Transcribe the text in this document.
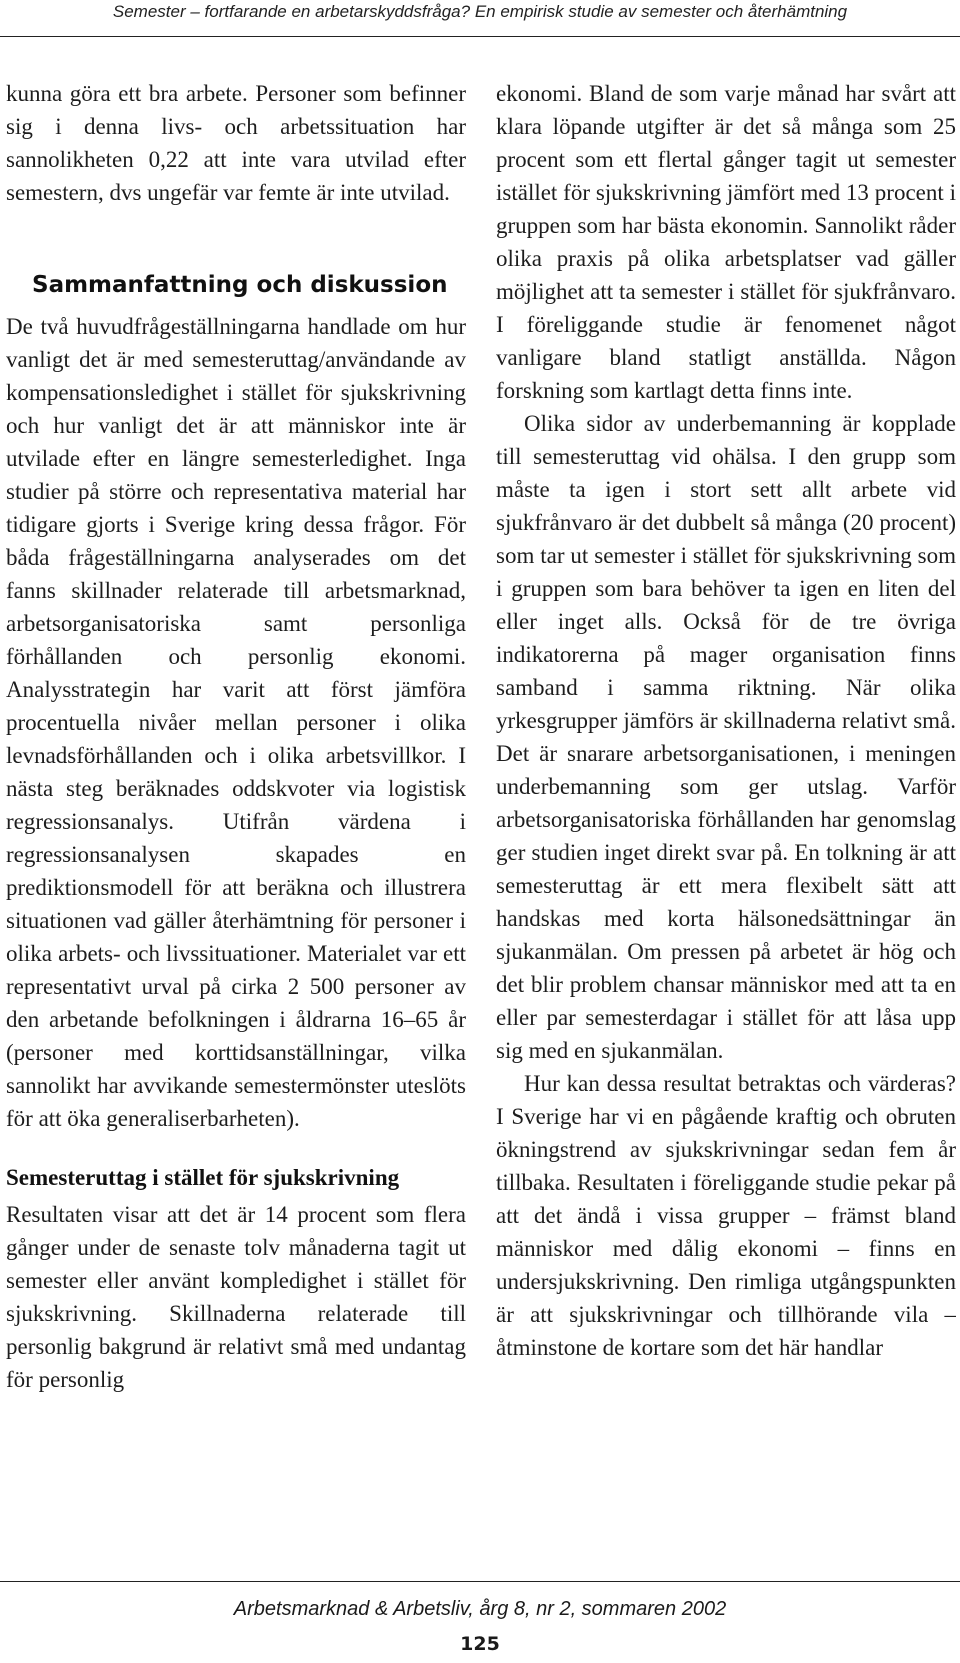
Semester – fortfarande en arbetarskyddsfråga? En empirisk studie av semester och återhämtning

kunna göra ett bra arbete. Personer som befinner sig i denna livs- och arbetssituation har sannolikheten 0,22 att inte vara utvilad efter semestern, dvs ungefär var femte är inte utvilad.

Sammanfattning och diskussion

De två huvudfrågeställningarna handlade om hur vanligt det är med semesteruttag/användande av kompensationsledighet i stället för sjukskrivning och hur vanligt det är att människor inte är utvilade efter en längre semesterledighet. Inga studier på större och representativa material har tidigare gjorts i Sverige kring dessa frågor. För båda frågeställningarna analyserades om det fanns skillnader relaterade till arbetsmarknad, arbetsorganisatoriska samt personliga förhållanden och personlig ekonomi. Analysstrategin har varit att först jämföra procentuella nivåer mellan personer i olika levnadsförhållanden och i olika arbetsvillkor. I nästa steg beräknades oddskvoter via logistisk regressionsanalys. Utifrån värdena i regressionsanalysen skapades en prediktionsmodell för att beräkna och illustrera situationen vad gäller återhämtning för personer i olika arbets- och livssituationer. Materialet var ett representativt urval på cirka 2 500 personer av den arbetande befolkningen i åldrarna 16–65 år (personer med korttidsanställningar, vilka sannolikt har avvikande semestermönster uteslöts för att öka generaliserbarheten).

Semesteruttag i stället för sjukskrivning

Resultaten visar att det är 14 procent som flera gånger under de senaste tolv månaderna tagit ut semester eller använt kompledighet i stället för sjukskrivning. Skillnaderna relaterade till personlig bakgrund är relativt små med undantag för personlig

ekonomi. Bland de som varje månad har svårt att klara löpande utgifter är det så många som 25 procent som ett flertal gånger tagit ut semester istället för sjukskrivning jämfört med 13 procent i gruppen som har bästa ekonomin. Sannolikt råder olika praxis på olika arbetsplatser vad gäller möjlighet att ta semester i stället för sjukfrånvaro. I föreliggande studie är fenomenet något vanligare bland statligt anställda. Någon forskning som kartlagt detta finns inte.

Olika sidor av underbemanning är kopplade till semesteruttag vid ohälsa. I den grupp som måste ta igen i stort sett allt arbete vid sjukfrånvaro är det dubbelt så många (20 procent) som tar ut semester i stället för sjukskrivning som i gruppen som bara behöver ta igen en liten del eller inget alls. Också för de tre övriga indikatorerna på mager organisation finns samband i samma riktning. När olika yrkesgrupper jämförs är skillnaderna relativt små. Det är snarare arbetsorganisationen, i meningen underbemanning som ger utslag. Varför arbetsorganisatoriska förhållanden har genomslag ger studien inget direkt svar på. En tolkning är att semesteruttag är ett mera flexibelt sätt att handskas med korta hälsonedsättningar än sjukanmälan. Om pressen på arbetet är hög och det blir problem chansar människor med att ta en eller par semesterdagar i stället för att låsa upp sig med en sjukanmälan.

Hur kan dessa resultat betraktas och värderas? I Sverige har vi en pågående kraftig och obruten ökningstrend av sjukskrivningar sedan fem år tillbaka. Resultaten i föreliggande studie pekar på att det ändå i vissa grupper – främst bland människor med dålig ekonomi – finns en undersjukskrivning. Den rimliga utgångspunkten är att sjukskrivningar och tillhörande vila – åtminstone de kortare som det här handlar

Arbetsmarknad & Arbetsliv, årg 8, nr 2, sommaren 2002
125
